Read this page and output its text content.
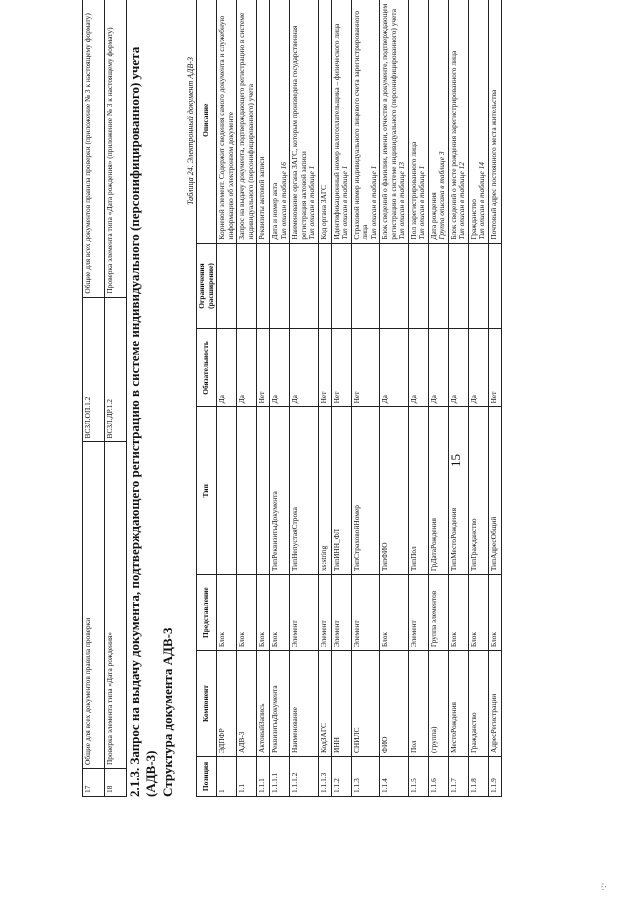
15
17	Общие для всех документов правила проверки	ВСЗЛ.ОП.1.2	Общие для всех документов правила проверки (приложение № 3 к настоящему формату)
18	Проверка элемента типа «Дата рождения»	ВСЗЛ.ДР.1.2	Проверка элемента типа «Дата рождения» (приложение № 3 к настоящему формату) 2.1.3. Запрос на выдачу документа, подтверждающего регистрацию в системе индивидуального (персонифицированного) учета (АДВ-3) Структура документа АДВ-3
Таблица 24. Электронный документ АДВ-3
Позиция	Компонент	Представление	Тип	Обязательность	Ограничения (расширение)	Описание
1	ЭДПФР	Блок		Да		Корневой элемент. Содержит сведения самого документа и служебную информацию об электронном документе
1.1	АДВ-3	Блок		Да		Запрос на выдачу документа, подтверждающего регистрацию в системе индивидуального (персонифицированного) учета
1.1.1	АктовыйЗапись	Блок		Нет		Реквизиты актовой записи
1.1.1.1	РеквизитыДокумента	Блок	ТипРеквизитыДокумента	Да		Дата и номер акта
Тип описан в таблице 16
1.1.1.2	Наименование	Элемент	ТипНепустаяСтрока	Да		Наименование органа ЗАГС, которым произведена государственная регистрация актовой записи
Тип описан в таблице 1
1.1.1.3	КодЗАГС	Элемент	xs:string	Нет		Код органа ЗАГС
1.1.2	ИНН	Элемент	ТипИНН_ФЛ	Нет		Идентификационный номер налогоплательщика – физического лица
Тип описан в таблице 1
1.1.3	СНИЛС	Элемент	ТипСтраховойНомер	Нет		Страховой номер индивидуального лицевого счета зарегистрированного лица
Тип описан в таблице 1
1.1.4	ФИО	Блок	ТипФИО	Да		Блок сведений о фамилии, имени, отчестве в документе, подтверждающем регистрацию в системе индивидуального (персонифицированного) учета
Тип описан в таблице 13
1.1.5	Пол	Элемент	ТипПол	Да		Пол зарегистрированного лица
Тип описан в таблице 1
1.1.6	(группа)	Группа элементов	ГрДатаРождения	Да		Дата рождения
Группа описана в таблице 3
1.1.7	МестоРождения	Блок	ТипМестоРождения	Да		Блок сведений о месте рождения зарегистрированного лица
Тип описан в таблице 12
1.1.8	Гражданство	Блок	ТипГражданство	Да		Гражданство
Тип описан в таблице 14
1.1.9	АдресРегистрации	Блок	ТипАдресОбщий	Нет		Почтовый адрес постоянного места жительства
·:·
